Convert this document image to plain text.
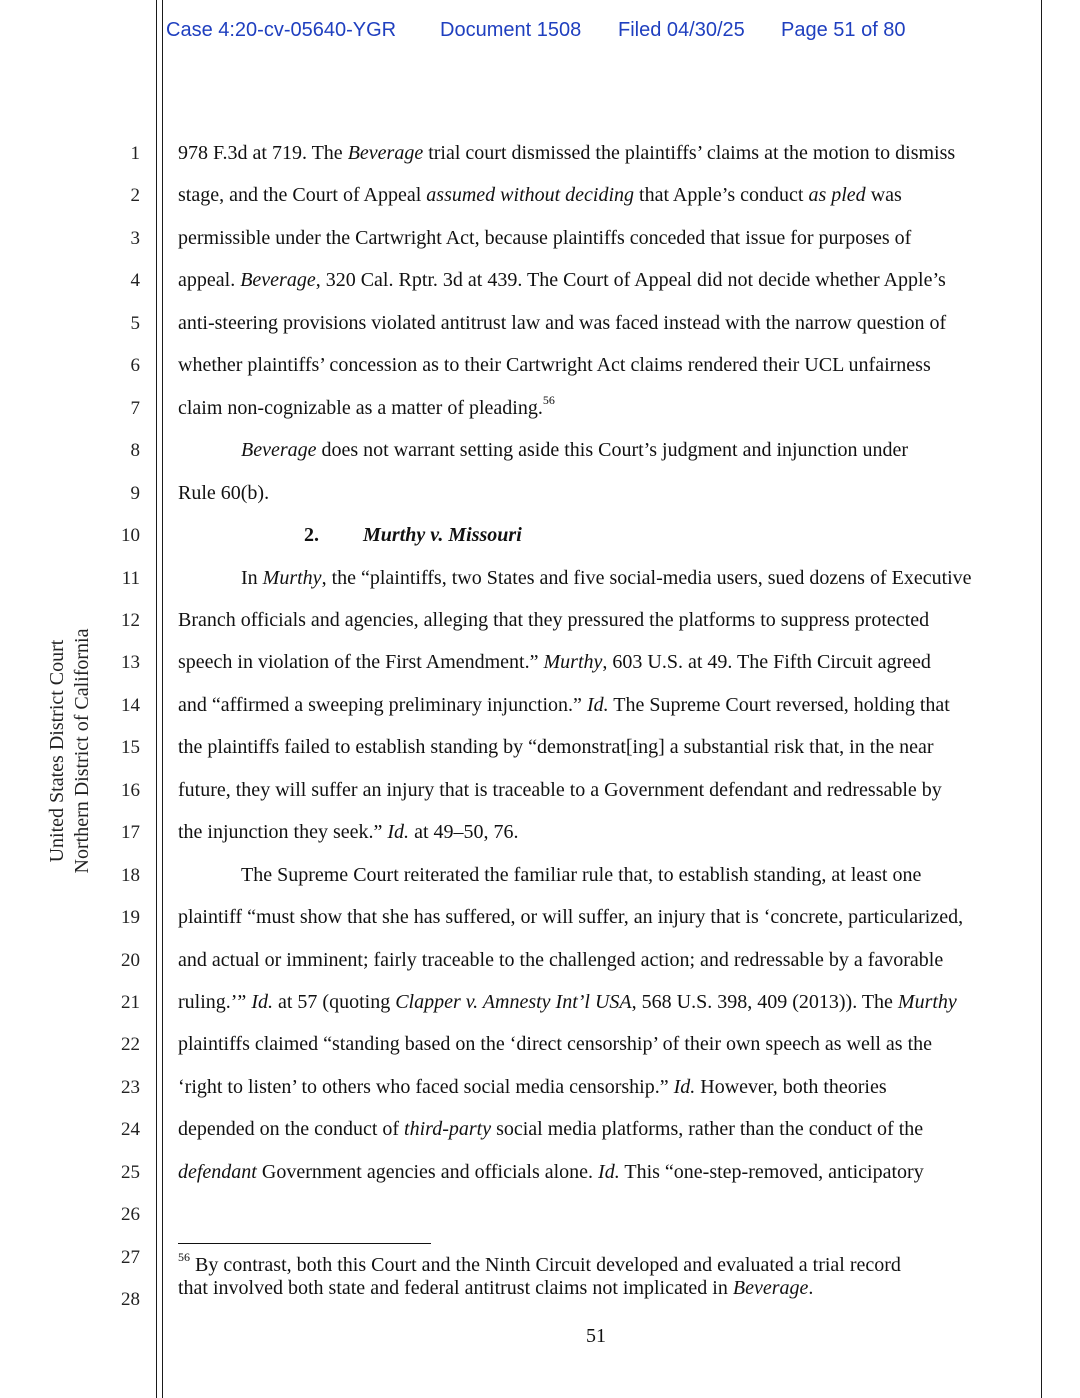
Case 4:20-cv-05640-YGR Document 1508 Filed 04/30/25 Page 51 of 80
United States District Court Northern District of California
1
2
3
4
5
6
7
8
9
10
11
12
13
14
15
16
17
18
19
20
21
22
23
24
25
26
27
28
978 F.3d at 719. The Beverage trial court dismissed the plaintiffs’ claims at the motion to dismiss
stage, and the Court of Appeal assumed without deciding that Apple’s conduct as pled was
permissible under the Cartwright Act, because plaintiffs conceded that issue for purposes of
appeal. Beverage, 320 Cal. Rptr. 3d at 439. The Court of Appeal did not decide whether Apple’s
anti-steering provisions violated antitrust law and was faced instead with the narrow question of
whether plaintiffs’ concession as to their Cartwright Act claims rendered their UCL unfairness
claim non-cognizable as a matter of pleading.$^{56}$
Beverage does not warrant setting aside this Court’s judgment and injunction under
Rule 60(b).
2. Murthy v. Missouri
In Murthy, the “plaintiffs, two States and five social-media users, sued dozens of Executive
Branch officials and agencies, alleging that they pressured the platforms to suppress protected
speech in violation of the First Amendment.” Murthy, 603 U.S. at 49. The Fifth Circuit agreed
and “affirmed a sweeping preliminary injunction.” Id. The Supreme Court reversed, holding that
the plaintiffs failed to establish standing by “demonstrat[ing] a substantial risk that, in the near
future, they will suffer an injury that is traceable to a Government defendant and redressable by
the injunction they seek.” Id. at 49–50, 76.
The Supreme Court reiterated the familiar rule that, to establish standing, at least one
plaintiff “must show that she has suffered, or will suffer, an injury that is ‘concrete, particularized,
and actual or imminent; fairly traceable to the challenged action; and redressable by a favorable
ruling.’” Id. at 57 (quoting Clapper v. Amnesty Int’l USA, 568 U.S. 398, 409 (2013)). The Murthy
plaintiffs claimed “standing based on the ‘direct censorship’ of their own speech as well as the
‘right to listen’ to others who faced social media censorship.” Id. However, both theories
depended on the conduct of third-party social media platforms, rather than the conduct of the
defendant Government agencies and officials alone. Id. This “one-step-removed, anticipatory
$^{56}$ By contrast, both this Court and the Ninth Circuit developed and evaluated a trial record
that involved both state and federal antitrust claims not implicated in Beverage.
51
